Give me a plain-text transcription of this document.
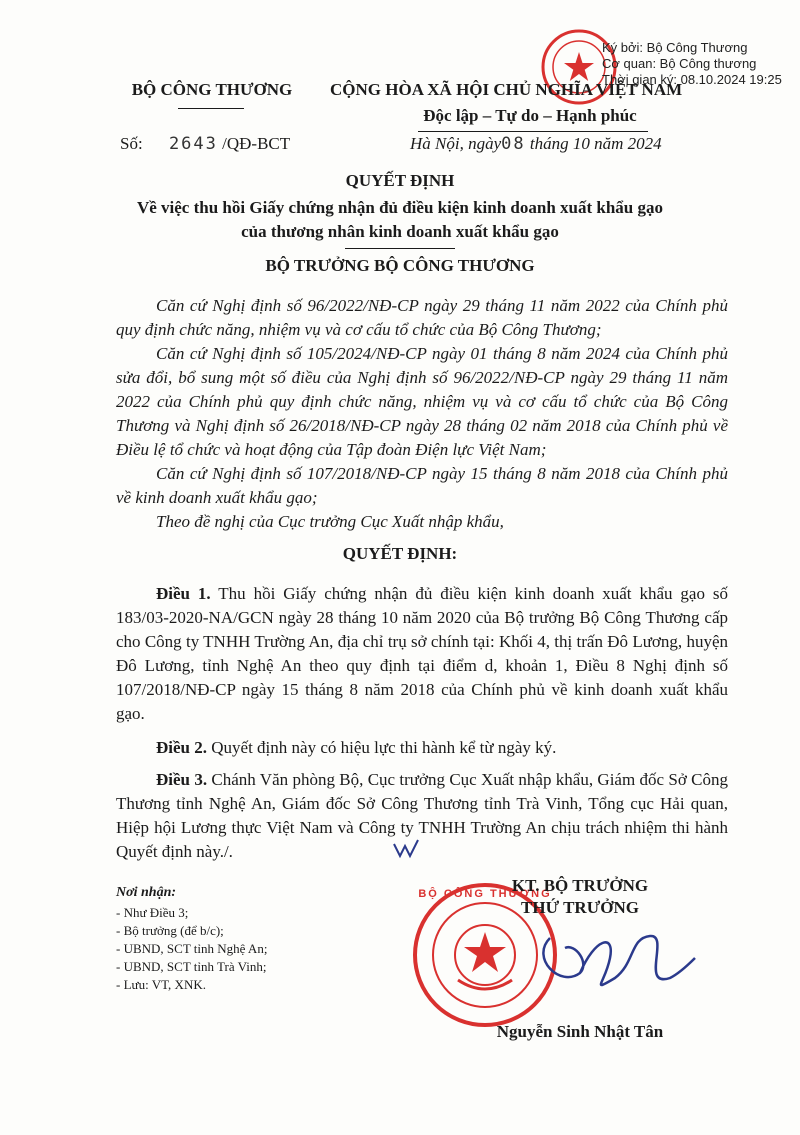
Ký bởi: Bộ Công Thương
Cơ quan: Bộ Công thương
Thời gian ký: 08.10.2024 19:25
BỘ CÔNG THƯƠNG	CỘNG HÒA XÃ HỘI CHỦ NGHĨA VIỆT NAM
Độc lập – Tự do – Hạnh phúc
Số: 2643 /QĐ-BCT	Hà Nội, ngày08 tháng 10 năm 2024
QUYẾT ĐỊNH
Về việc thu hồi Giấy chứng nhận đủ điều kiện kinh doanh xuất khẩu gạo
của thương nhân kinh doanh xuất khẩu gạo
BỘ TRƯỞNG BỘ CÔNG THƯƠNG
Căn cứ Nghị định số 96/2022/NĐ-CP ngày 29 tháng 11 năm 2022 của Chính phủ quy định chức năng, nhiệm vụ và cơ cấu tổ chức của Bộ Công Thương;
Căn cứ Nghị định số 105/2024/NĐ-CP ngày 01 tháng 8 năm 2024 của Chính phủ sửa đổi, bổ sung một số điều của Nghị định số 96/2022/NĐ-CP ngày 29 tháng 11 năm 2022 của Chính phủ quy định chức năng, nhiệm vụ và cơ cấu tổ chức của Bộ Công Thương và Nghị định số 26/2018/NĐ-CP ngày 28 tháng 02 năm 2018 của Chính phủ về Điều lệ tổ chức và hoạt động của Tập đoàn Điện lực Việt Nam;
Căn cứ Nghị định số 107/2018/NĐ-CP ngày 15 tháng 8 năm 2018 của Chính phủ về kinh doanh xuất khẩu gạo;
Theo đề nghị của Cục trưởng Cục Xuất nhập khẩu,
QUYẾT ĐỊNH:
Điều 1. Thu hồi Giấy chứng nhận đủ điều kiện kinh doanh xuất khẩu gạo số 183/03-2020-NA/GCN ngày 28 tháng 10 năm 2020 của Bộ trưởng Bộ Công Thương cấp cho Công ty TNHH Trường An, địa chỉ trụ sở chính tại: Khối 4, thị trấn Đô Lương, huyện Đô Lương, tỉnh Nghệ An theo quy định tại điểm d, khoản 1, Điều 8 Nghị định số 107/2018/NĐ-CP ngày 15 tháng 8 năm 2018 của Chính phủ về kinh doanh xuất khẩu gạo.
Điều 2. Quyết định này có hiệu lực thi hành kể từ ngày ký.
Điều 3. Chánh Văn phòng Bộ, Cục trưởng Cục Xuất nhập khẩu, Giám đốc Sở Công Thương tỉnh Nghệ An, Giám đốc Sở Công Thương tỉnh Trà Vinh, Tổng cục Hải quan, Hiệp hội Lương thực Việt Nam và Công ty TNHH Trường An chịu trách nhiệm thi hành Quyết định này./.
Nơi nhận:
- Như Điều 3;
- Bộ trưởng (để b/c);
- UBND, SCT tỉnh Nghệ An;
- UBND, SCT tỉnh Trà Vinh;
- Lưu: VT, XNK.
BỘ CÔNG THƯƠNG
KT. BỘ TRƯỞNG
THỨ TRƯỞNG
Nguyễn Sinh Nhật Tân
